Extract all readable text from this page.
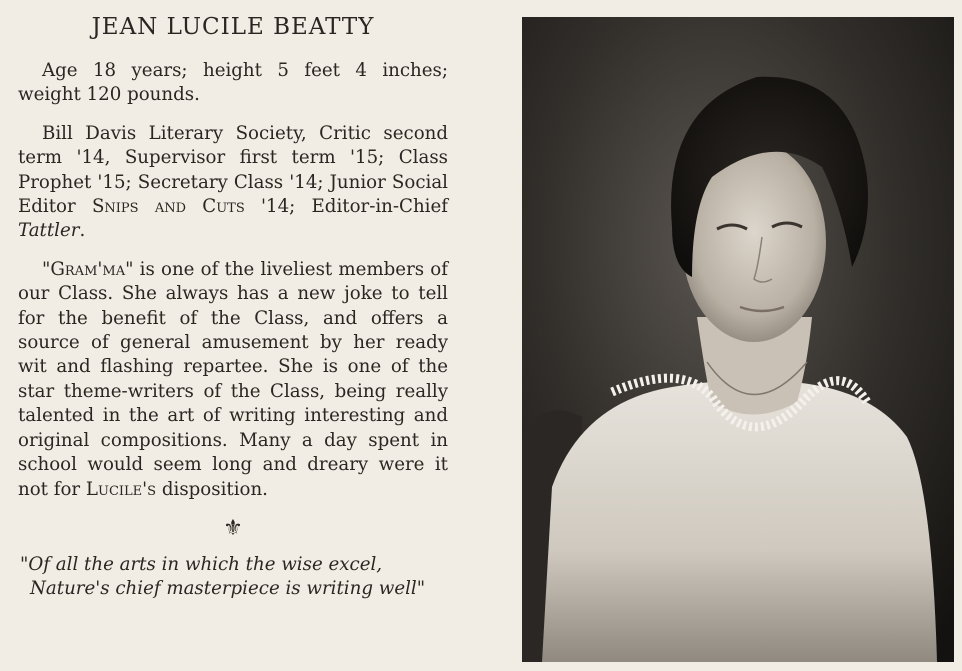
JEAN LUCILE BEATTY

Age 18 years; height 5 feet 4 inches; weight 120 pounds.

Bill Davis Literary Society, Critic second term '14, Supervisor first term '15; Class Prophet '15; Secretary Class '14; Junior Social Editor Snips and Cuts '14; Editor-in-Chief Tattler.

"Gram'ma" is one of the liveliest members of our Class. She always has a new joke to tell for the benefit of the Class, and offers a source of general amusement by her ready wit and flashing repartee. She is one of the star theme-writers of the Class, being really talented in the art of writing interesting and original compositions. Many a day spent in school would seem long and dreary were it not for Lucile's disposition.

⚜

"Of all the arts in which the wise excel,
Nature's chief masterpiece is writing well"
